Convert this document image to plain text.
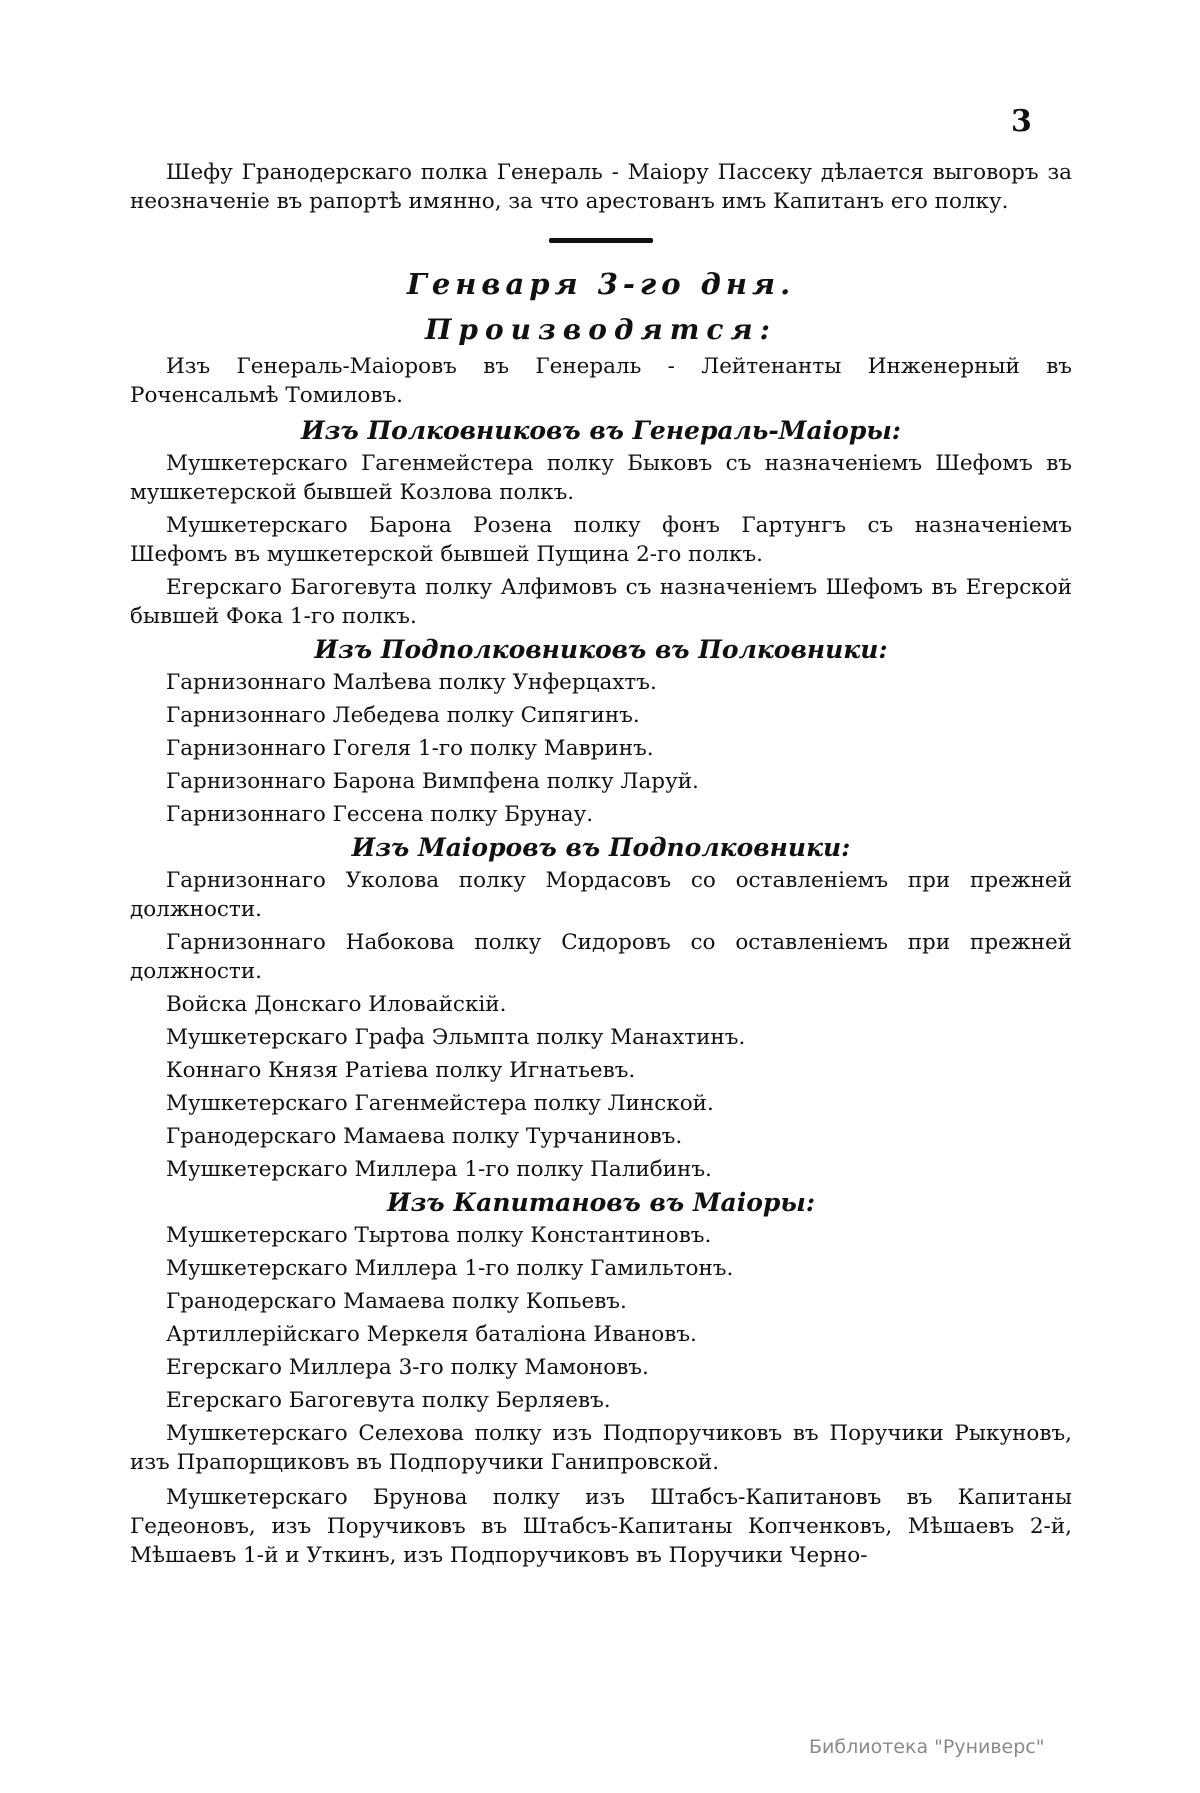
3

Шефу Гранодерскаго полка Генераль - Маіору Пассеку дѣлается выговоръ за неозначеніе въ рапортѣ имянно, за что арестованъ имъ Капитанъ его полку.

Генваря 3-го дня.
Производятся:

Изъ Генераль-Маіоровъ въ Генераль - Лейтенанты Инженерный въ Роченсальмѣ Томиловъ.

Изъ Полковниковъ въ Генераль-Маіоры:

Мушкетерскаго Гагенмейстера полку Быковъ съ назначеніемъ Шефомъ въ мушкетерской бывшей Козлова полкъ.

Мушкетерскаго Барона Розена полку фонъ Гартунгъ съ назначеніемъ Шефомъ въ мушкетерской бывшей Пущина 2-го полкъ.

Егерскаго Багогевута полку Алфимовъ съ назначеніемъ Шефомъ въ Егерской бывшей Фока 1-го полкъ.

Изъ Подполковниковъ въ Полковники:

Гарнизоннаго Малѣева полку Унферцахтъ.

Гарнизоннаго Лебедева полку Сипягинъ.

Гарнизоннаго Гогеля 1-го полку Мавринъ.

Гарнизоннаго Барона Вимпфена полку Ларуй.

Гарнизоннаго Гессена полку Брунау.

Изъ Маіоровъ въ Подполковники:

Гарнизоннаго Уколова полку Мордасовъ со оставленіемъ при прежней должности.

Гарнизоннаго Набокова полку Сидоровъ со оставленіемъ при прежней должности.

Войска Донскаго Иловайскій.

Мушкетерскаго Графа Эльмпта полку Манахтинъ.

Коннаго Князя Ратіева полку Игнатьевъ.

Мушкетерскаго Гагенмейстера полку Линской.

Гранодерскаго Мамаева полку Турчаниновъ.

Мушкетерскаго Миллера 1-го полку Палибинъ.

Изъ Капитановъ въ Маіоры:

Мушкетерскаго Тыртова полку Константиновъ.

Мушкетерскаго Миллера 1-го полку Гамильтонъ.

Гранодерскаго Мамаева полку Копьевъ.

Артиллерійскаго Меркеля баталіона Ивановъ.

Егерскаго Миллера 3-го полку Мамоновъ.

Егерскаго Багогевута полку Берляевъ.

Мушкетерскаго Селехова полку изъ Подпоручиковъ въ Поручики Рыкуновъ, изъ Прапорщиковъ въ Подпоручики Ганипровской.

Мушкетерскаго Брунова полку изъ Штабсъ-Капитановъ въ Капитаны Гедеоновъ, изъ Поручиковъ въ Штабсъ-Капитаны Копченковъ, Мѣшаевъ 2-й, Мѣшаевъ 1-й и Уткинъ, изъ Подпоручиковъ въ Поручики Черно-

Библиотека "Руниверс"
